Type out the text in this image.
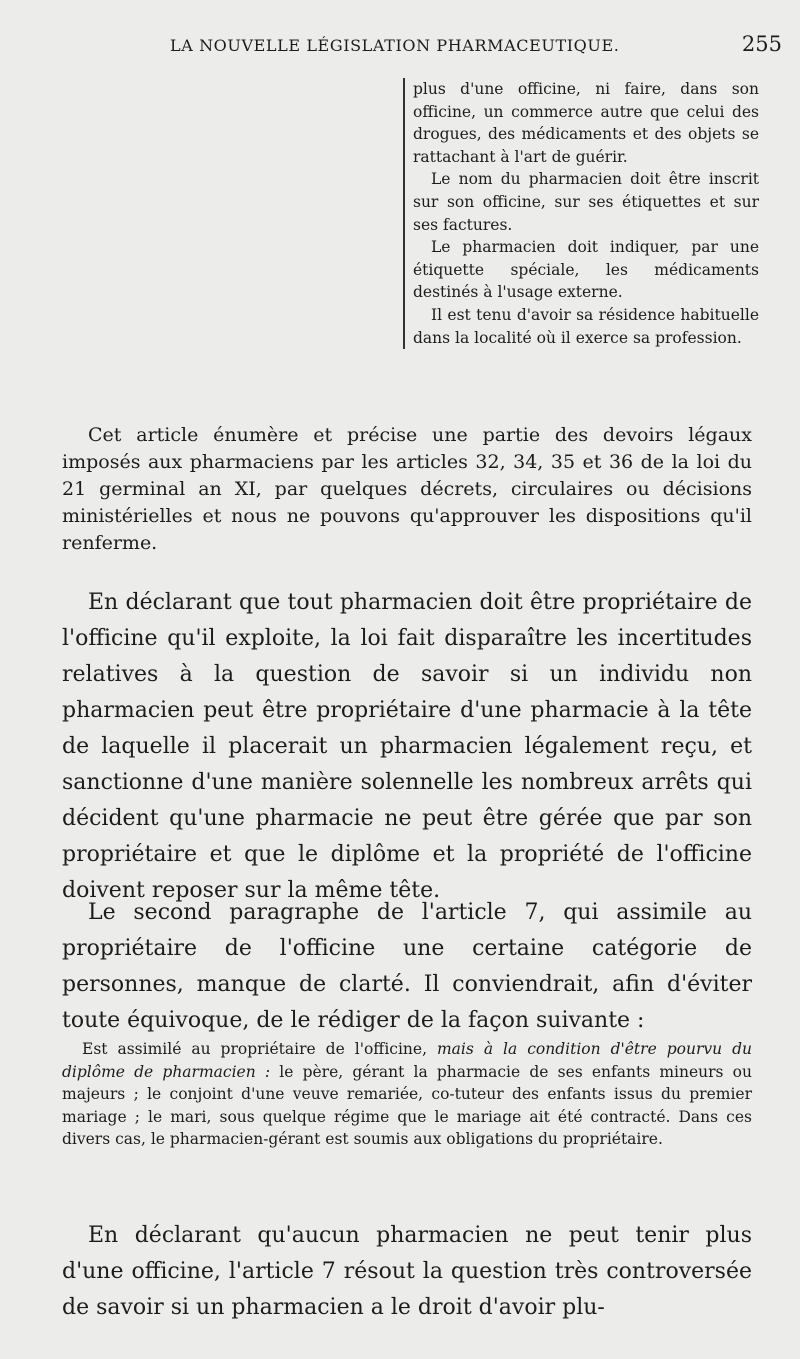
LA NOUVELLE LÉGISLATION PHARMACEUTIQUE.	255

plus d'une officine, ni faire, dans son officine, un commerce autre que celui des drogues, des médicaments et des objets se rattachant à l'art de guérir.

Le nom du pharmacien doit être inscrit sur son officine, sur ses étiquettes et sur ses factures.

Le pharmacien doit indiquer, par une étiquette spéciale, les médicaments destinés à l'usage externe.

Il est tenu d'avoir sa résidence habituelle dans la localité où il exerce sa profession.

Cet article énumère et précise une partie des devoirs légaux imposés aux pharmaciens par les articles 32, 34, 35 et 36 de la loi du 21 germinal an XI, par quelques décrets, circulaires ou décisions ministérielles et nous ne pouvons qu'approuver les dispositions qu'il renferme.

En déclarant que tout pharmacien doit être propriétaire de l'officine qu'il exploite, la loi fait disparaître les incertitudes relatives à la question de savoir si un individu non pharmacien peut être propriétaire d'une pharmacie à la tête de laquelle il placerait un pharmacien légalement reçu, et sanctionne d'une manière solennelle les nombreux arrêts qui décident qu'une pharmacie ne peut être gérée que par son propriétaire et que le diplôme et la propriété de l'officine doivent reposer sur la même tête.

Le second paragraphe de l'article 7, qui assimile au propriétaire de l'officine une certaine catégorie de personnes, manque de clarté. Il conviendrait, afin d'éviter toute équivoque, de le rédiger de la façon suivante :

Est assimilé au propriétaire de l'officine, mais à la condition d'être pourvu du diplôme de pharmacien : le père, gérant la pharmacie de ses enfants mineurs ou majeurs ; le conjoint d'une veuve remariée, co-tuteur des enfants issus du premier mariage ; le mari, sous quelque régime que le mariage ait été contracté. Dans ces divers cas, le pharmacien-gérant est soumis aux obligations du propriétaire.

En déclarant qu'aucun pharmacien ne peut tenir plus d'une officine, l'article 7 résout la question très controversée de savoir si un pharmacien a le droit d'avoir plu-
